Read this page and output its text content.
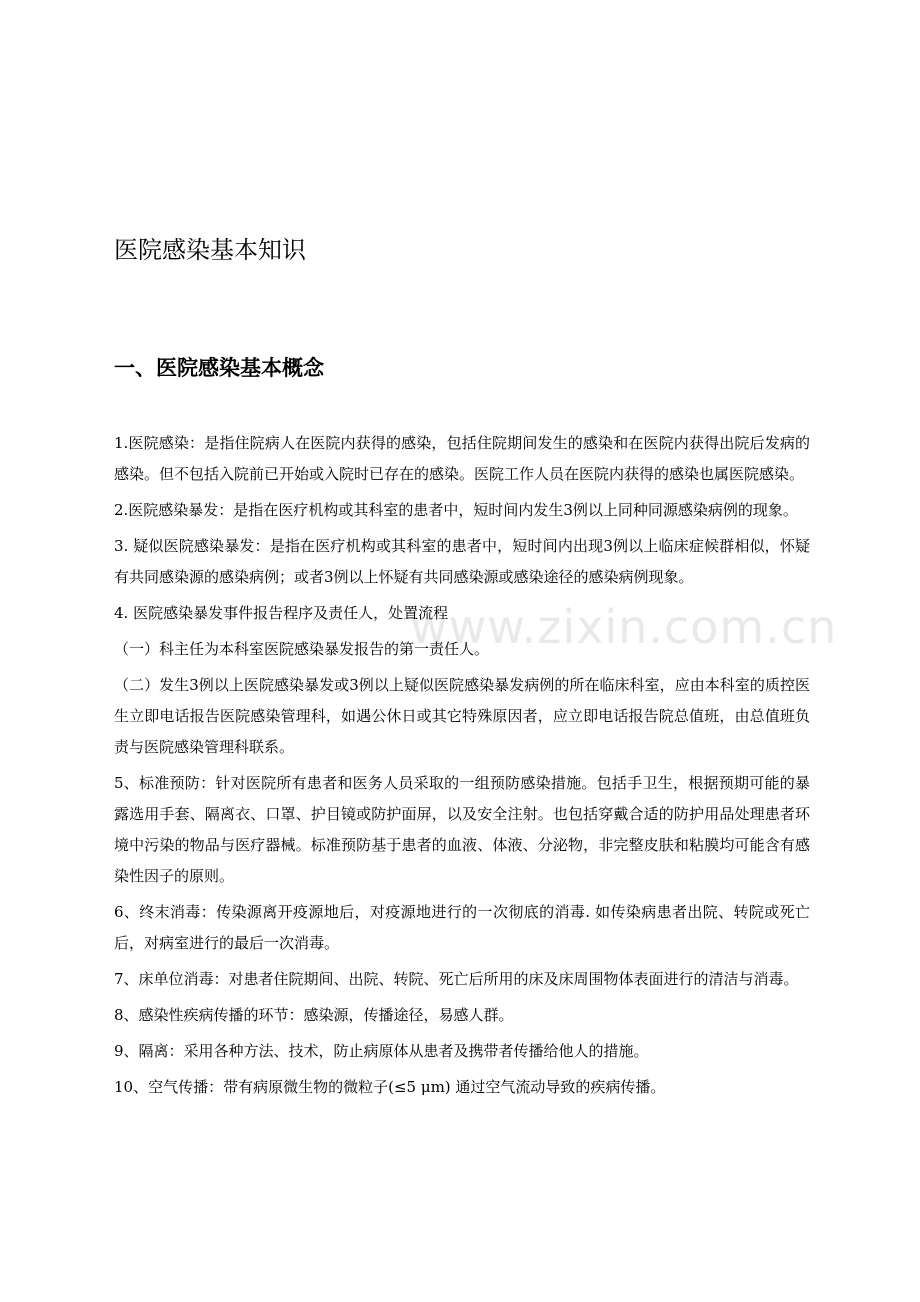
www.zixin.com.cn
医院感染基本知识
一、医院感染基本概念

1.医院感染：是指住院病人在医院内获得的感染，包括住院期间发生的感染和在医院内获得出院后发病的感染。但不包括入院前已开始或入院时已存在的感染。医院工作人员在医院内获得的感染也属医院感染。

2.医院感染暴发：是指在医疗机构或其科室的患者中，短时间内发生3例以上同种同源感染病例的现象。

3. 疑似医院感染暴发：是指在医疗机构或其科室的患者中，短时间内出现3例以上临床症候群相似，怀疑有共同感染源的感染病例；或者3例以上怀疑有共同感染源或感染途径的感染病例现象。

4. 医院感染暴发事件报告程序及责任人，处置流程

（一）科主任为本科室医院感染暴发报告的第一责任人。

（二）发生3例以上医院感染暴发或3例以上疑似医院感染暴发病例的所在临床科室，应由本科室的质控医生立即电话报告医院感染管理科，如遇公休日或其它特殊原因者，应立即电话报告院总值班，由总值班负责与医院感染管理科联系。

5、标准预防：针对医院所有患者和医务人员采取的一组预防感染措施。包括手卫生，根据预期可能的暴露选用手套、隔离衣、口罩、护目镜或防护面屏，以及安全注射。也包括穿戴合适的防护用品处理患者环境中污染的物品与医疗器械。标准预防基于患者的血液、体液、分泌物，非完整皮肤和粘膜均可能含有感染性因子的原则。

6、终末消毒：传染源离开疫源地后，对疫源地进行的一次彻底的消毒. 如传染病患者出院、转院或死亡后，对病室进行的最后一次消毒。

7、床单位消毒：对患者住院期间、出院、转院、死亡后所用的床及床周围物体表面进行的清洁与消毒。

8、感染性疾病传播的环节：感染源，传播途径，易感人群。

9、隔离：采用各种方法、技术，防止病原体从患者及携带者传播给他人的措施。

10、空气传播：带有病原微生物的微粒子(≤5 μm) 通过空气流动导致的疾病传播。
